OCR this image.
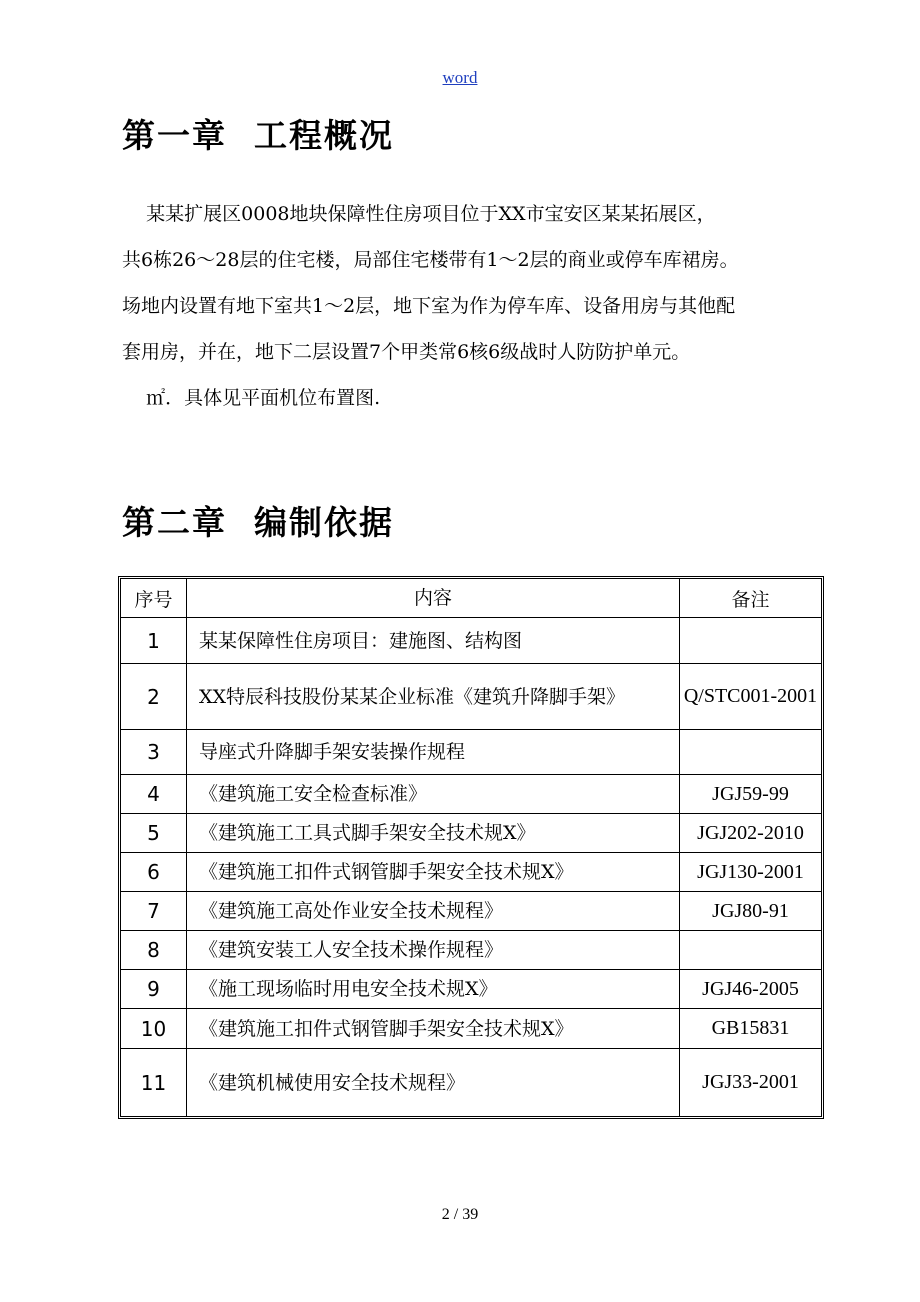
word
第一章  工程概况
某某扩展区0008地块保障性住房项目位于XX市宝安区某某拓展区，
共6栋26～28层的住宅楼，局部住宅楼带有1～2层的商业或停车库裙房。
场地内设置有地下室共1～2层，地下室为作为停车库、设备用房与其他配
套用房，并在，地下二层设置7个甲类常6核6级战时人防防护单元。
㎡．具体见平面机位布置图.
第二章  编制依据
序号	内容	备注
1	某某保障性住房项目：建施图、结构图	
2	XX特辰科技股份某某企业标准《建筑升降脚手架》	Q/STC001-2001
3	导座式升降脚手架安装操作规程	
4	《建筑施工安全检查标准》	JGJ59-99
5	《建筑施工工具式脚手架安全技术规X》	JGJ202-2010
6	《建筑施工扣件式钢管脚手架安全技术规X》	JGJ130-2001
7	《建筑施工高处作业安全技术规程》	JGJ80-91
8	《建筑安装工人安全技术操作规程》	
9	《施工现场临时用电安全技术规X》	JGJ46-2005
10	《建筑施工扣件式钢管脚手架安全技术规X》	GB15831
11	《建筑机械使用安全技术规程》	JGJ33-2001
2 / 39
